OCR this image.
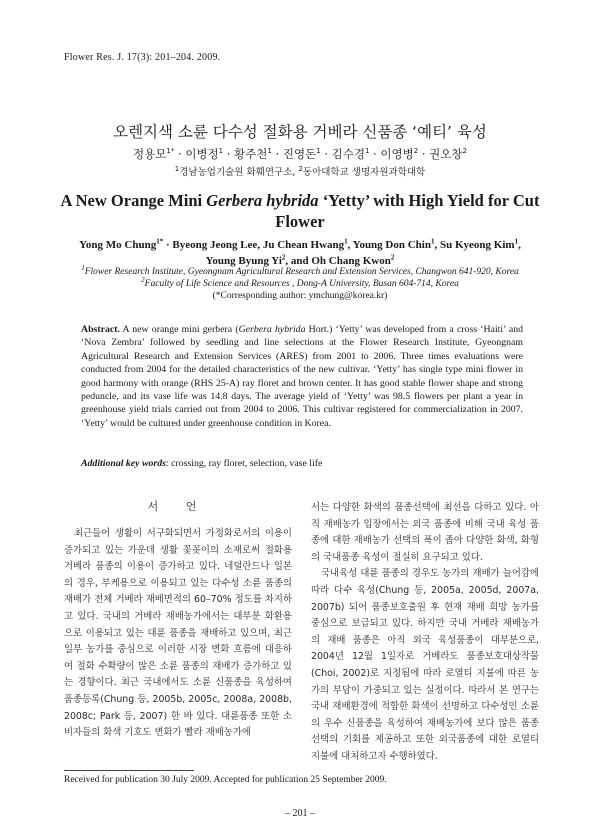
Flower Res. J. 17(3): 201–204. 2009.
오렌지색 소륜 다수성 절화용 거베라 신품종 ‘예티’ 육성
정용모$^{1*}$ · 이병정$^1$ · 황주천$^1$ · 진영돈$^1$ · 김수경$^1$ · 이영병$^2$ · 권오창$^2$
$^1$경남농업기술원 화훼연구소, $^2$동아대학교 생명자원과학대학
A New Orange Mini Gerbera hybrida ‘Yetty’ with High Yield for Cut Flower
Yong Mo Chung$^{1*}$ · Byeong Jeong Lee, Ju Chean Hwang$^1$, Young Don Chin$^1$, Su Kyeong Kim$^1$,
Young Byung Yi$^2$, and Oh Chang Kwon$^2$
$^1$Flower Research Institute, Gyeongnam Agricultural Research and Extension Services, Changwon 641-920, Korea
$^2$Faculty of Life Science and Resources , Dong-A University, Busan 604-714, Korea
(*Corresponding author: ymchung@korea.kr)
Abstract. A new orange mini gerbera (Gerbera hybrida Hort.) ‘Yetty’ was developed from a cross ‘Haiti’ and ‘Nova Zembra’ followed by seedling and line selections at the Flower Research Institute, Gyeongnam Agricultural Research and Extension Services (ARES) from 2001 to 2006. Three times evaluations were conducted from 2004 for the detailed characteristics of the new cultivar. ‘Yetty’ has single type mini flower in good harmony with orange (RHS 25-A) ray floret and brown center. It has good stable flower shape and strong peduncle, and its vase life was 14.8 days. The average yield of ‘Yetty’ was 98.5 flowers per plant a year in greenhouse yield trials carried out from 2004 to 2006. This cultivar registered for commercialization in 2007. ‘Yetty’ would be cultured under greenhouse condition in Korea.
Additional key words: crossing, ray floret, selection, vase life
서 언

최근들어 생활이 서구화되면서 가정화로서의 이용이 증가되고 있는 가운데 생활 꽃꽂이의 소재로써 절화용 거베라 품종의 이용이 증가하고 있다. 네덜란드나 일본의 경우, 부케용으로 이용되고 있는 다수성 소륜 품종의 재배가 전체 거베라 재배면적의 60–70% 정도를 차지하고 있다. 국내의 거베라 재배농가에서는 대부분 화환용으로 이용되고 있는 대륜 품종을 재배하고 있으며, 최근 일부 농가를 중심으로 이러한 시장 변화 흐름에 대응하여 절화 수확량이 많은 소륜 품종의 재배가 증가하고 있는 경향이다. 최근 국내에서도 소륜 신품종을 육성하여 품종등록(Chung 등, 2005b, 2005c, 2008a, 2008b, 2008c; Park 등, 2007) 한 바 있다. 대륜품종 또한 소비자들의 화색 기호도 변화가 빨라 재배농가에

서는 다양한 화색의 품종선택에 최선을 다하고 있다. 아직 재배농가 입장에서는 외국 품종에 비해 국내 육성 품종에 대한 재배농가 선택의 폭이 좁아 다양한 화색, 화형의 국내품종 육성이 절실히 요구되고 있다.

국내육성 대륜 품종의 경우도 농가의 재배가 늘어감에 따라 다수 육성(Chung 등, 2005a, 2005d, 2007a, 2007b) 되어 품종보호출원 후 현재 재배 희망 농가를 중심으로 보급되고 있다. 하지만 국내 거베라 재배농가의 재배 품종은 아직 외국 육성품종이 대부분으로, 2004년 12월 1일자로 거베라도 품종보호대상작물(Choi, 2002)로 지정됨에 따라 로열티 지불에 따른 농가의 부담이 가중되고 있는 실정이다. 따라서 본 연구는 국내 재배환경에 적합한 화색이 선명하고 다수성인 소륜의 우수 신품종을 육성하여 재배농가에 보다 많은 품종선택의 기회를 제공하고 또한 외국품종에 대한 로열티 지불에 대처하고자 수행하였다.

Received for publication 30 July 2009. Accepted for publication 25 September 2009.
– 201 –
